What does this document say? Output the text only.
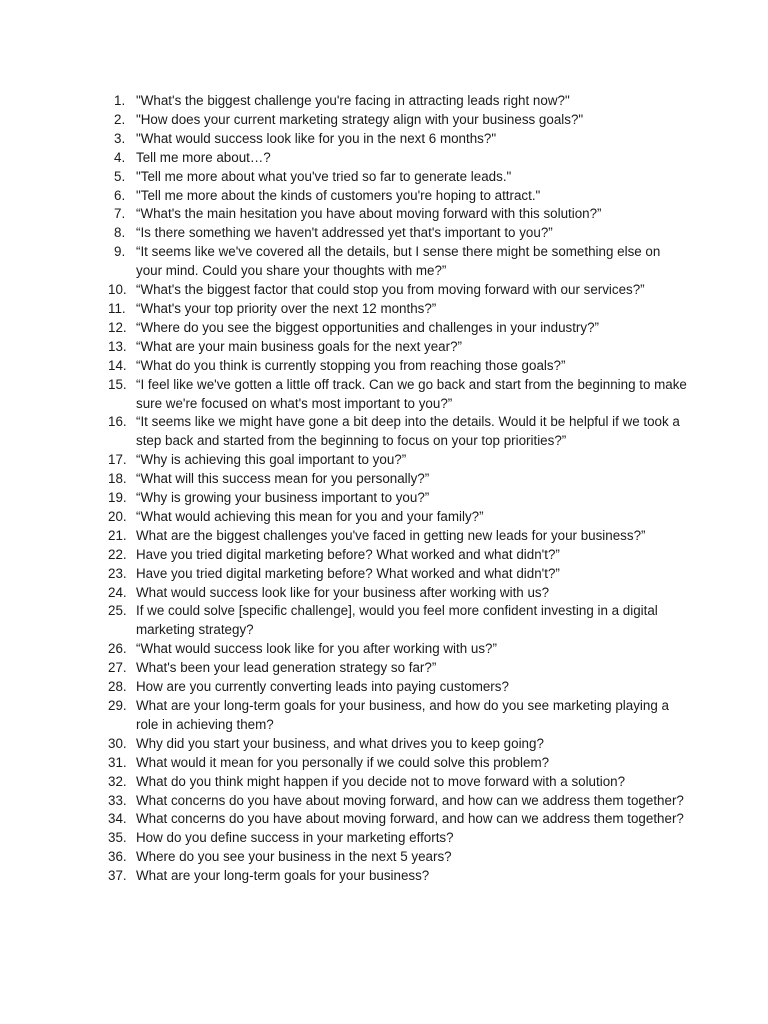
1. "What's the biggest challenge you're facing in attracting leads right now?"
2. "How does your current marketing strategy align with your business goals?"
3. "What would success look like for you in the next 6 months?"
4. Tell me more about…?
5. "Tell me more about what you've tried so far to generate leads."
6. "Tell me more about the kinds of customers you're hoping to attract."
7. “What's the main hesitation you have about moving forward with this solution?”
8. “Is there something we haven't addressed yet that's important to you?”
9. “It seems like we've covered all the details, but I sense there might be something else on your mind. Could you share your thoughts with me?”
10. “What's the biggest factor that could stop you from moving forward with our services?”
11. “What's your top priority over the next 12 months?”
12. “Where do you see the biggest opportunities and challenges in your industry?”
13. “What are your main business goals for the next year?”
14. “What do you think is currently stopping you from reaching those goals?”
15. “I feel like we've gotten a little off track. Can we go back and start from the beginning to make sure we're focused on what's most important to you?”
16. “It seems like we might have gone a bit deep into the details. Would it be helpful if we took a step back and started from the beginning to focus on your top priorities?”
17. “Why is achieving this goal important to you?”
18. “What will this success mean for you personally?”
19. “Why is growing your business important to you?”
20. “What would achieving this mean for you and your family?”
21. What are the biggest challenges you've faced in getting new leads for your business?”
22. Have you tried digital marketing before? What worked and what didn't?”
23. Have you tried digital marketing before? What worked and what didn't?”
24. What would success look like for your business after working with us?
25. If we could solve [specific challenge], would you feel more confident investing in a digital marketing strategy?
26. “What would success look like for you after working with us?”
27. What's been your lead generation strategy so far?”
28. How are you currently converting leads into paying customers?
29. What are your long-term goals for your business, and how do you see marketing playing a role in achieving them?
30. Why did you start your business, and what drives you to keep going?
31. What would it mean for you personally if we could solve this problem?
32. What do you think might happen if you decide not to move forward with a solution?
33. What concerns do you have about moving forward, and how can we address them together?
34. What concerns do you have about moving forward, and how can we address them together?
35. How do you define success in your marketing efforts?
36. Where do you see your business in the next 5 years?
37. What are your long-term goals for your business?
